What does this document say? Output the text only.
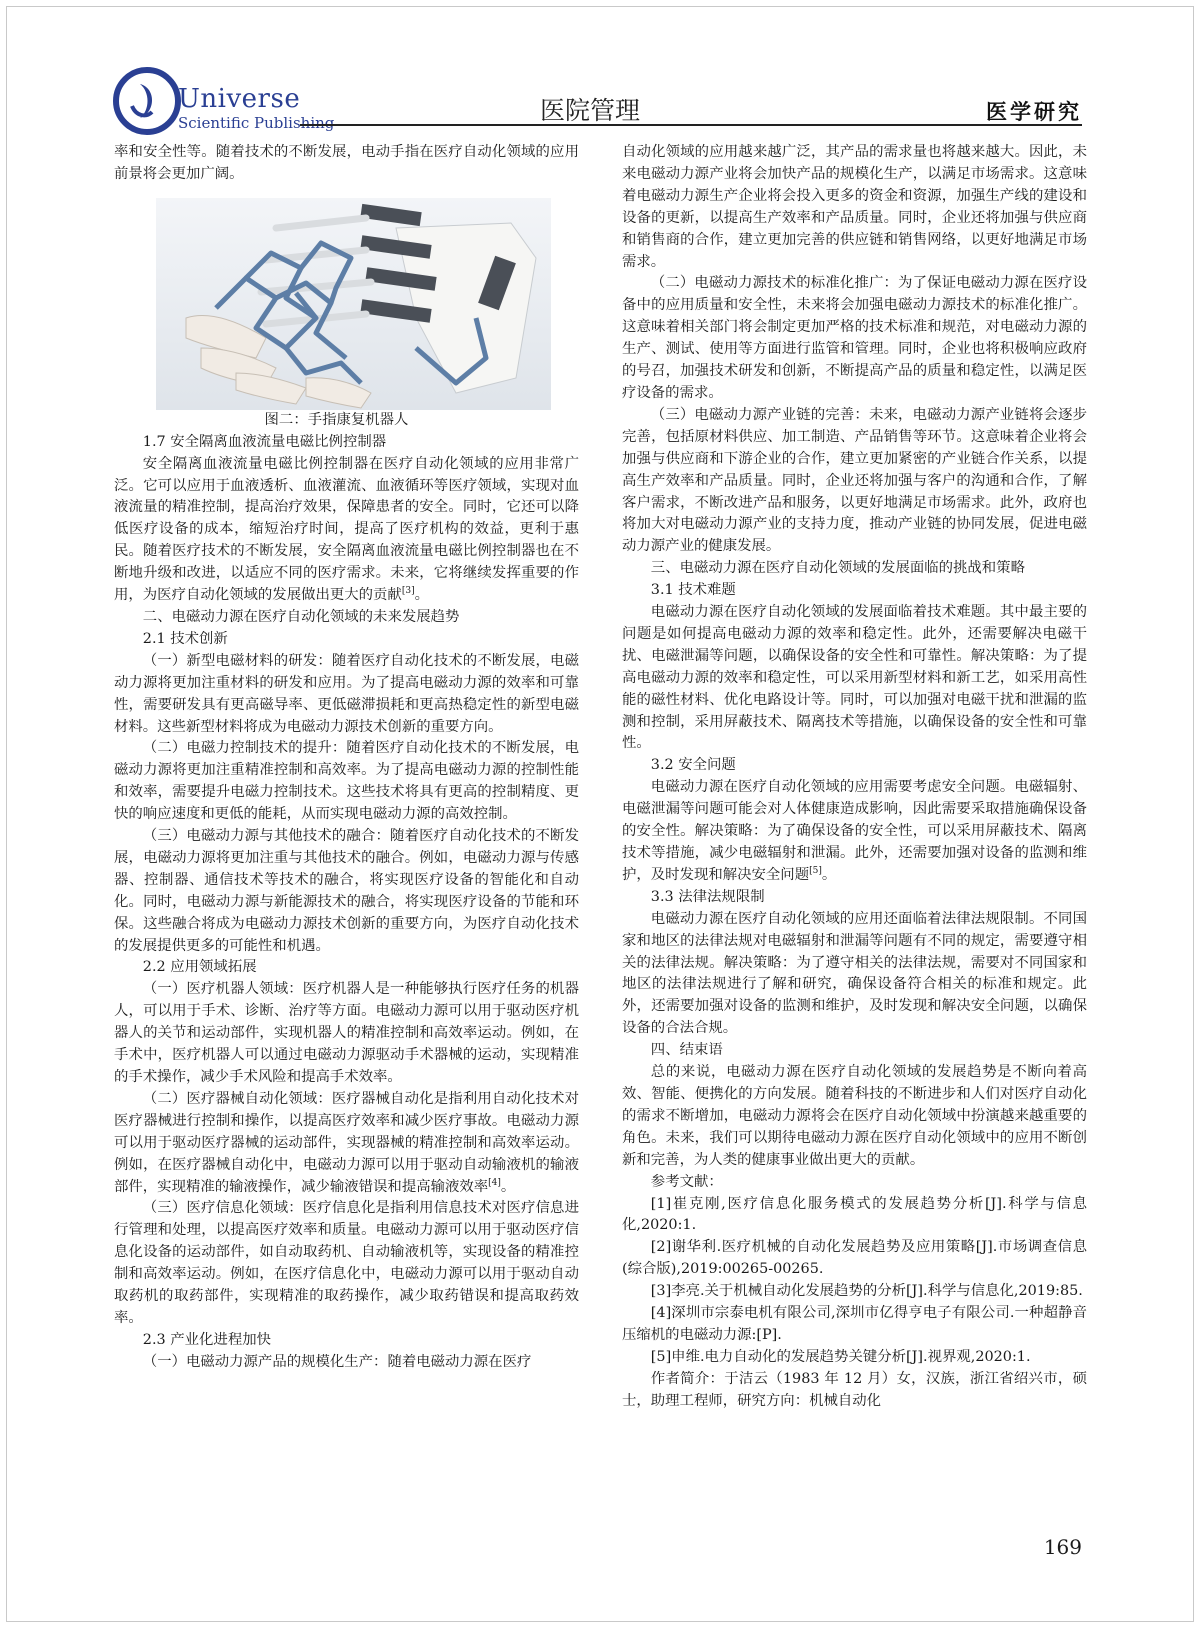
Universe
Scientific Publishing	医院管理	医学研究

率和安全性等。随着技术的不断发展，电动手指在医疗自动化领域的应用前景将会更加广阔。

图二：手指康复机器人

1.7 安全隔离血液流量电磁比例控制器

安全隔离血液流量电磁比例控制器在医疗自动化领域的应用非常广泛。它可以应用于血液透析、血液灌流、血液循环等医疗领域，实现对血液流量的精准控制，提高治疗效果，保障患者的安全。同时，它还可以降低医疗设备的成本，缩短治疗时间，提高了医疗机构的效益，更利于惠民。随着医疗技术的不断发展，安全隔离血液流量电磁比例控制器也在不断地升级和改进，以适应不同的医疗需求。未来，它将继续发挥重要的作用，为医疗自动化领域的发展做出更大的贡献[3]。

二、电磁动力源在医疗自动化领域的未来发展趋势

2.1 技术创新

（一）新型电磁材料的研发：随着医疗自动化技术的不断发展，电磁动力源将更加注重材料的研发和应用。为了提高电磁动力源的效率和可靠性，需要研发具有更高磁导率、更低磁滞损耗和更高热稳定性的新型电磁材料。这些新型材料将成为电磁动力源技术创新的重要方向。

（二）电磁力控制技术的提升：随着医疗自动化技术的不断发展，电磁动力源将更加注重精准控制和高效率。为了提高电磁动力源的控制性能和效率，需要提升电磁力控制技术。这些技术将具有更高的控制精度、更快的响应速度和更低的能耗，从而实现电磁动力源的高效控制。

（三）电磁动力源与其他技术的融合：随着医疗自动化技术的不断发展，电磁动力源将更加注重与其他技术的融合。例如，电磁动力源与传感器、控制器、通信技术等技术的融合，将实现医疗设备的智能化和自动化。同时，电磁动力源与新能源技术的融合，将实现医疗设备的节能和环保。这些融合将成为电磁动力源技术创新的重要方向，为医疗自动化技术的发展提供更多的可能性和机遇。

2.2 应用领域拓展

（一）医疗机器人领域：医疗机器人是一种能够执行医疗任务的机器人，可以用于手术、诊断、治疗等方面。电磁动力源可以用于驱动医疗机器人的关节和运动部件，实现机器人的精准控制和高效率运动。例如，在手术中，医疗机器人可以通过电磁动力源驱动手术器械的运动，实现精准的手术操作，减少手术风险和提高手术效率。

（二）医疗器械自动化领域：医疗器械自动化是指利用自动化技术对医疗器械进行控制和操作，以提高医疗效率和减少医疗事故。电磁动力源可以用于驱动医疗器械的运动部件，实现器械的精准控制和高效率运动。例如，在医疗器械自动化中，电磁动力源可以用于驱动自动输液机的输液部件，实现精准的输液操作，减少输液错误和提高输液效率[4]。

（三）医疗信息化领域：医疗信息化是指利用信息技术对医疗信息进行管理和处理，以提高医疗效率和质量。电磁动力源可以用于驱动医疗信息化设备的运动部件，如自动取药机、自动输液机等，实现设备的精准控制和高效率运动。例如，在医疗信息化中，电磁动力源可以用于驱动自动取药机的取药部件，实现精准的取药操作，减少取药错误和提高取药效率。

2.3 产业化进程加快

（一）电磁动力源产品的规模化生产：随着电磁动力源在医疗

自动化领域的应用越来越广泛，其产品的需求量也将越来越大。因此，未来电磁动力源产业将会加快产品的规模化生产，以满足市场需求。这意味着电磁动力源生产企业将会投入更多的资金和资源，加强生产线的建设和设备的更新，以提高生产效率和产品质量。同时，企业还将加强与供应商和销售商的合作，建立更加完善的供应链和销售网络，以更好地满足市场需求。

（二）电磁动力源技术的标准化推广：为了保证电磁动力源在医疗设备中的应用质量和安全性，未来将会加强电磁动力源技术的标准化推广。这意味着相关部门将会制定更加严格的技术标准和规范，对电磁动力源的生产、测试、使用等方面进行监管和管理。同时，企业也将积极响应政府的号召，加强技术研发和创新，不断提高产品的质量和稳定性，以满足医疗设备的需求。

（三）电磁动力源产业链的完善：未来，电磁动力源产业链将会逐步完善，包括原材料供应、加工制造、产品销售等环节。这意味着企业将会加强与供应商和下游企业的合作，建立更加紧密的产业链合作关系，以提高生产效率和产品质量。同时，企业还将加强与客户的沟通和合作，了解客户需求，不断改进产品和服务，以更好地满足市场需求。此外，政府也将加大对电磁动力源产业的支持力度，推动产业链的协同发展，促进电磁动力源产业的健康发展。

三、电磁动力源在医疗自动化领域的发展面临的挑战和策略

3.1 技术难题

电磁动力源在医疗自动化领域的发展面临着技术难题。其中最主要的问题是如何提高电磁动力源的效率和稳定性。此外，还需要解决电磁干扰、电磁泄漏等问题，以确保设备的安全性和可靠性。解决策略：为了提高电磁动力源的效率和稳定性，可以采用新型材料和新工艺，如采用高性能的磁性材料、优化电路设计等。同时，可以加强对电磁干扰和泄漏的监测和控制，采用屏蔽技术、隔离技术等措施，以确保设备的安全性和可靠性。

3.2 安全问题

电磁动力源在医疗自动化领域的应用需要考虑安全问题。电磁辐射、电磁泄漏等问题可能会对人体健康造成影响，因此需要采取措施确保设备的安全性。解决策略：为了确保设备的安全性，可以采用屏蔽技术、隔离技术等措施，减少电磁辐射和泄漏。此外，还需要加强对设备的监测和维护，及时发现和解决安全问题[5]。

3.3 法律法规限制

电磁动力源在医疗自动化领域的应用还面临着法律法规限制。不同国家和地区的法律法规对电磁辐射和泄漏等问题有不同的规定，需要遵守相关的法律法规。解决策略：为了遵守相关的法律法规，需要对不同国家和地区的法律法规进行了解和研究，确保设备符合相关的标准和规定。此外，还需要加强对设备的监测和维护，及时发现和解决安全问题，以确保设备的合法合规。

四、结束语

总的来说，电磁动力源在医疗自动化领域的发展趋势是不断向着高效、智能、便携化的方向发展。随着科技的不断进步和人们对医疗自动化的需求不断增加，电磁动力源将会在医疗自动化领域中扮演越来越重要的角色。未来，我们可以期待电磁动力源在医疗自动化领域中的应用不断创新和完善，为人类的健康事业做出更大的贡献。

参考文献：

[1]崔克刚,医疗信息化服务模式的发展趋势分析[J].科学与信息化,2020:1.

[2]谢华利.医疗机械的自动化发展趋势及应用策略[J].市场调查信息(综合版),2019:00265-00265.

[3]李亮.关于机械自动化发展趋势的分析[J].科学与信息化,2019:85.

[4]深圳市宗泰电机有限公司,深圳市亿得亨电子有限公司.一种超静音压缩机的电磁动力源:[P].

[5]申维.电力自动化的发展趋势关键分析[J].视界观,2020:1.

作者简介：于洁云（1983 年 12 月）女，汉族，浙江省绍兴市，硕士，助理工程师，研究方向：机械自动化

169
